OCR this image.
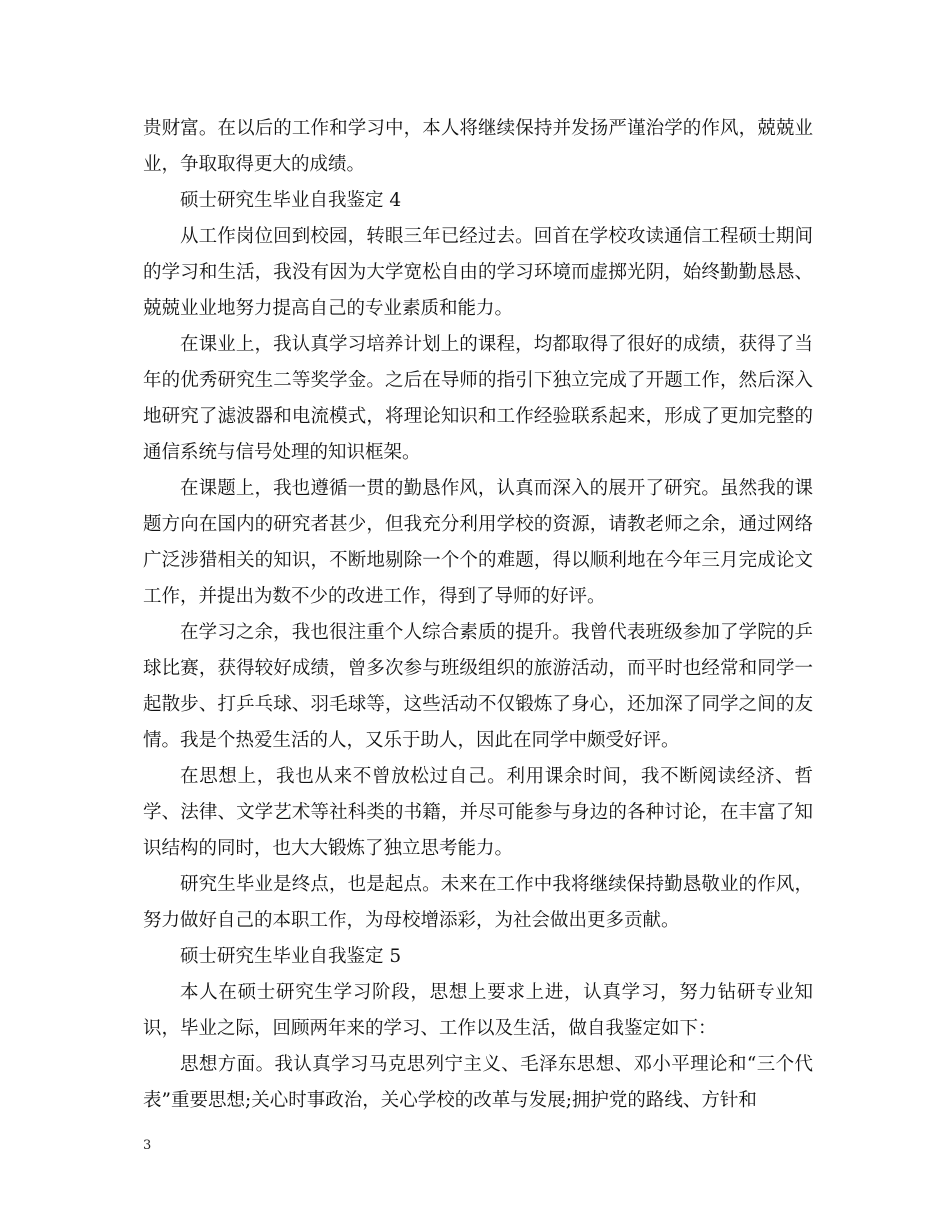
贵财富。在以后的工作和学习中，本人将继续保持并发扬严谨治学的作风，兢兢业业，争取取得更大的成绩。

硕士研究生毕业自我鉴定 4

从工作岗位回到校园，转眼三年已经过去。回首在学校攻读通信工程硕士期间的学习和生活，我没有因为大学宽松自由的学习环境而虚掷光阴，始终勤勤恳恳、兢兢业业地努力提高自己的专业素质和能力。

在课业上，我认真学习培养计划上的课程，均都取得了很好的成绩，获得了当年的优秀研究生二等奖学金。之后在导师的指引下独立完成了开题工作，然后深入地研究了滤波器和电流模式，将理论知识和工作经验联系起来，形成了更加完整的通信系统与信号处理的知识框架。

在课题上，我也遵循一贯的勤恳作风，认真而深入的展开了研究。虽然我的课题方向在国内的研究者甚少，但我充分利用学校的资源，请教老师之余，通过网络广泛涉猎相关的知识，不断地剔除一个个的难题，得以顺利地在今年三月完成论文工作，并提出为数不少的改进工作，得到了导师的好评。

在学习之余，我也很注重个人综合素质的提升。我曾代表班级参加了学院的乒球比赛，获得较好成绩，曾多次参与班级组织的旅游活动，而平时也经常和同学一起散步、打乒乓球、羽毛球等，这些活动不仅锻炼了身心，还加深了同学之间的友情。我是个热爱生活的人，又乐于助人，因此在同学中颇受好评。

在思想上，我也从来不曾放松过自己。利用课余时间，我不断阅读经济、哲学、法律、文学艺术等社科类的书籍，并尽可能参与身边的各种讨论，在丰富了知识结构的同时，也大大锻炼了独立思考能力。

研究生毕业是终点，也是起点。未来在工作中我将继续保持勤恳敬业的作风，努力做好自己的本职工作，为母校增添彩，为社会做出更多贡献。

硕士研究生毕业自我鉴定 5

本人在硕士研究生学习阶段，思想上要求上进，认真学习，努力钻研专业知识，毕业之际，回顾两年来的学习、工作以及生活，做自我鉴定如下：

思想方面。我认真学习马克思列宁主义、毛泽东思想、邓小平理论和“三个代表”重要思想;关心时事政治，关心学校的改革与发展;拥护党的路线、方针和

3
